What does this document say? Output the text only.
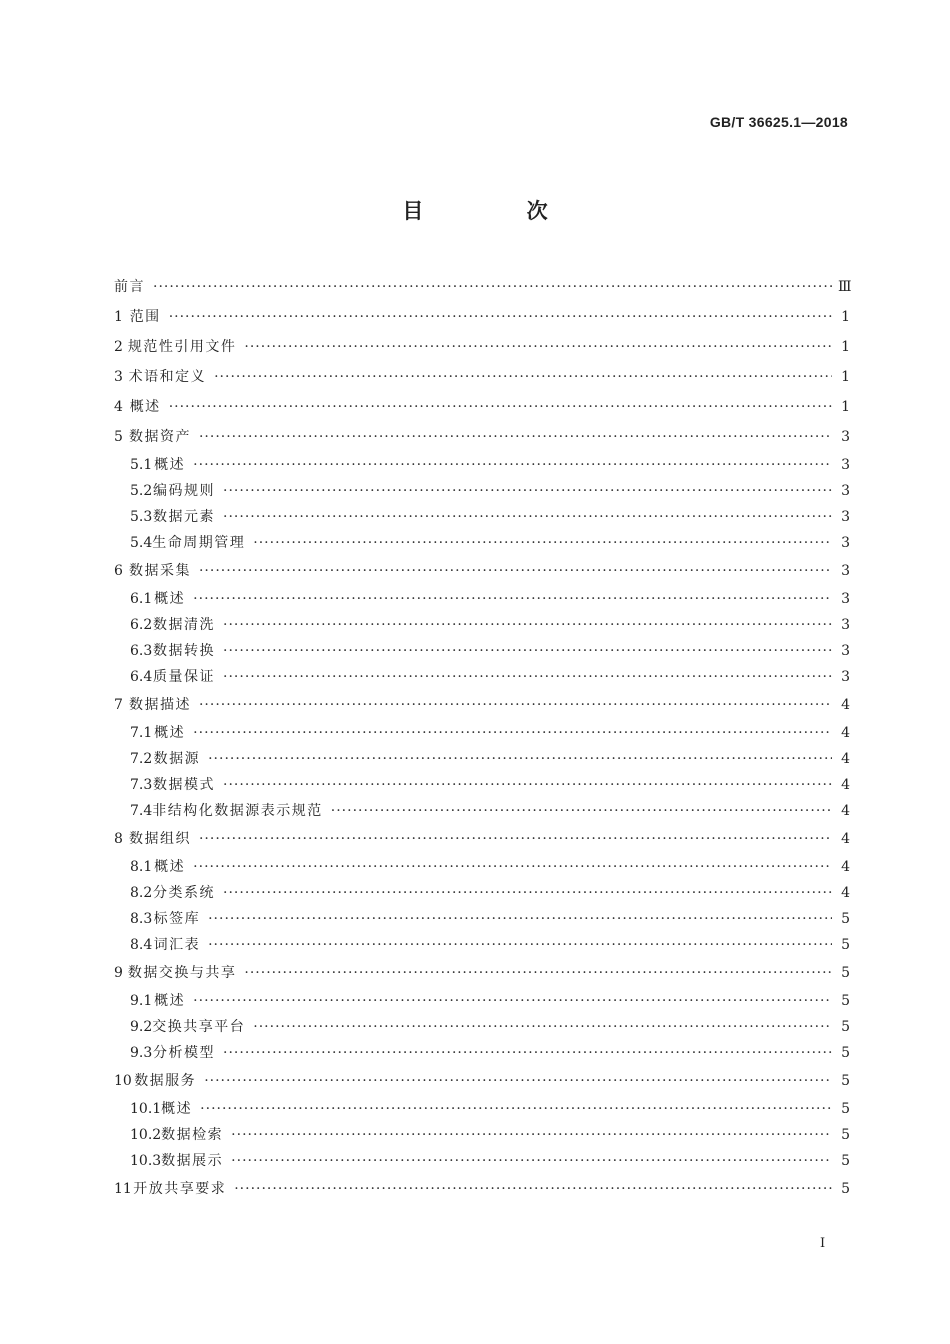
GB/T 36625.1—2018
目 次
前言 ·····	Ⅲ
1 范围 ·····	1
2 规范性引用文件 ·····	1
3 术语和定义 ·····	1
4 概述 ·····	1
5 数据资产 ·····	3
5.1 概述 ·····	3
5.2 编码规则 ·····	3
5.3 数据元素 ·····	3
5.4 生命周期管理 ·····	3
6 数据采集 ·····	3
6.1 概述 ·····	3
6.2 数据清洗 ·····	3
6.3 数据转换 ·····	3
6.4 质量保证 ·····	3
7 数据描述 ·····	4
7.1 概述 ·····	4
7.2 数据源 ·····	4
7.3 数据模式 ·····	4
7.4 非结构化数据源表示规范 ·····	4
8 数据组织 ·····	4
8.1 概述 ·····	4
8.2 分类系统 ·····	4
8.3 标签库 ·····	5
8.4 词汇表 ·····	5
9 数据交换与共享 ·····	5
9.1 概述 ·····	5
9.2 交换共享平台 ·····	5
9.3 分析模型 ·····	5
10 数据服务 ·····	5
10.1 概述 ·····	5
10.2 数据检索 ·····	5
10.3 数据展示 ·····	5
11 开放共享要求 ·····	5
I
